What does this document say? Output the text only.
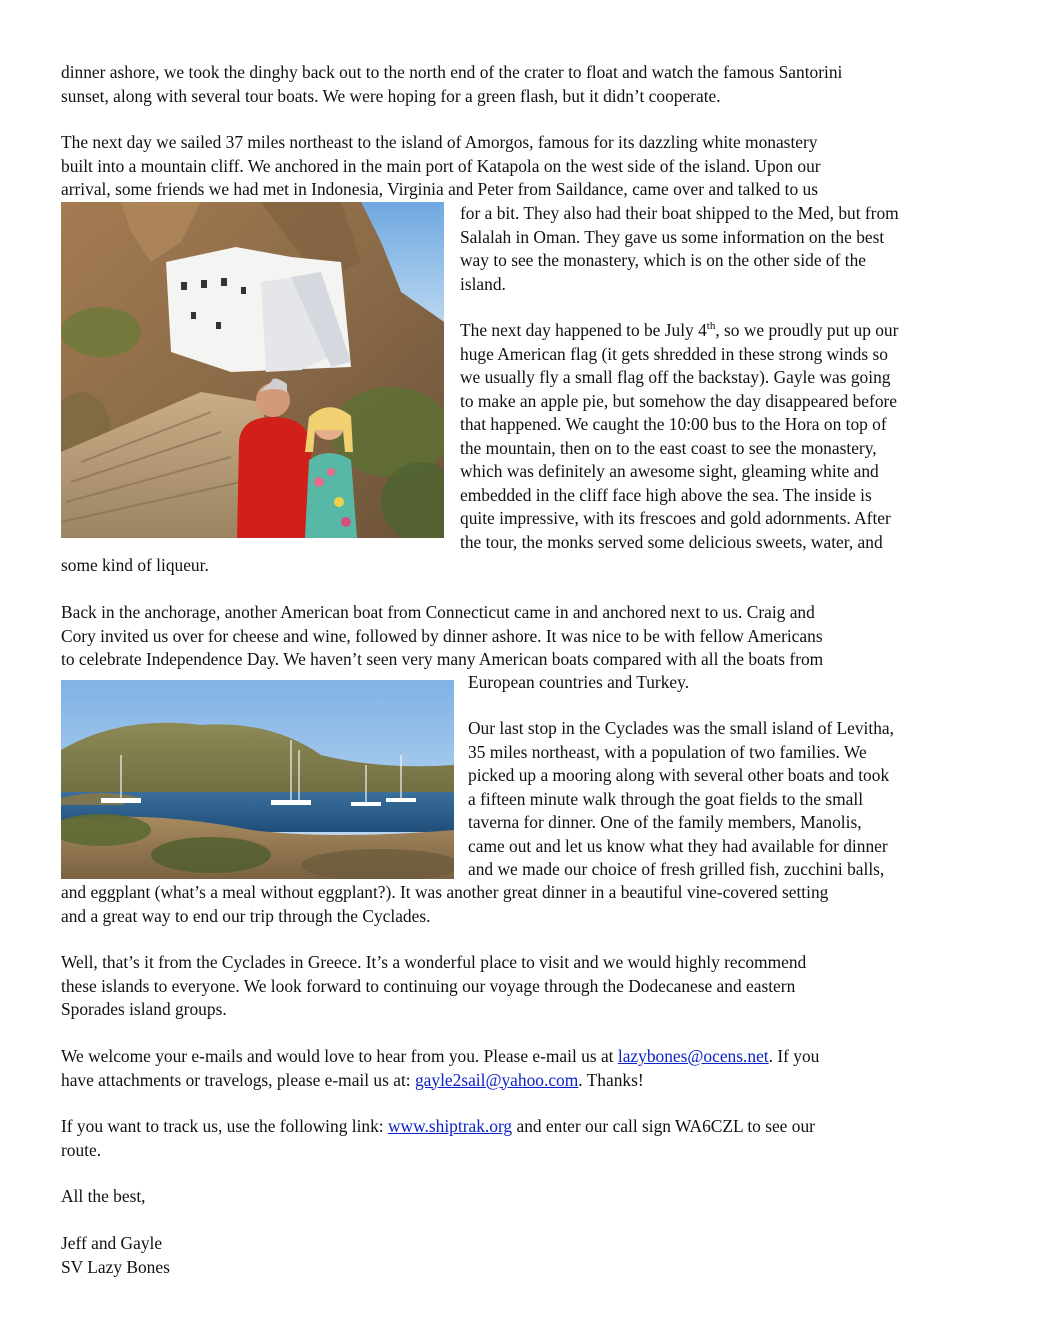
dinner ashore, we took the dinghy back out to the north end of the crater to float and watch the famous Santorini
sunset, along with several tour boats. We were hoping for a green flash, but it didn’t cooperate.
The next day we sailed 37 miles northeast to the island of Amorgos, famous for its dazzling white monastery
built into a mountain cliff. We anchored in the main port of Katapola on the west side of the island. Upon our
arrival, some friends we had met in Indonesia, Virginia and Peter from Saildance, came over and talked to us
for a bit. They also had their boat shipped to the Med, but from
Salalah in Oman. They gave us some information on the best
way to see the monastery, which is on the other side of the
island.
The next day happened to be July 4th, so we proudly put up our
huge American flag (it gets shredded in these strong winds so
we usually fly a small flag off the backstay). Gayle was going
to make an apple pie, but somehow the day disappeared before
that happened. We caught the 10:00 bus to the Hora on top of
the mountain, then on to the east coast to see the monastery,
which was definitely an awesome sight, gleaming white and
embedded in the cliff face high above the sea. The inside is
quite impressive, with its frescoes and gold adornments. After
the tour, the monks served some delicious sweets, water, and
some kind of liqueur.
Back in the anchorage, another American boat from Connecticut came in and anchored next to us. Craig and
Cory invited us over for cheese and wine, followed by dinner ashore. It was nice to be with fellow Americans
to celebrate Independence Day. We haven’t seen very many American boats compared with all the boats from
European countries and Turkey.
Our last stop in the Cyclades was the small island of Levitha,
35 miles northeast, with a population of two families. We
picked up a mooring along with several other boats and took
a fifteen minute walk through the goat fields to the small
taverna for dinner. One of the family members, Manolis,
came out and let us know what they had available for dinner
and we made our choice of fresh grilled fish, zucchini balls,
and eggplant (what’s a meal without eggplant?). It was another great dinner in a beautiful vine-covered setting
and a great way to end our trip through the Cyclades.
Well, that’s it from the Cyclades in Greece. It’s a wonderful place to visit and we would highly recommend
these islands to everyone. We look forward to continuing our voyage through the Dodecanese and eastern
Sporades island groups.
We welcome your e-mails and would love to hear from you. Please e-mail us at lazybones@ocens.net. If you
have attachments or travelogs, please e-mail us at: gayle2sail@yahoo.com. Thanks!
If you want to track us, use the following link: www.shiptrak.org and enter our call sign WA6CZL to see our
route.
All the best,
Jeff and Gayle
SV Lazy Bones
